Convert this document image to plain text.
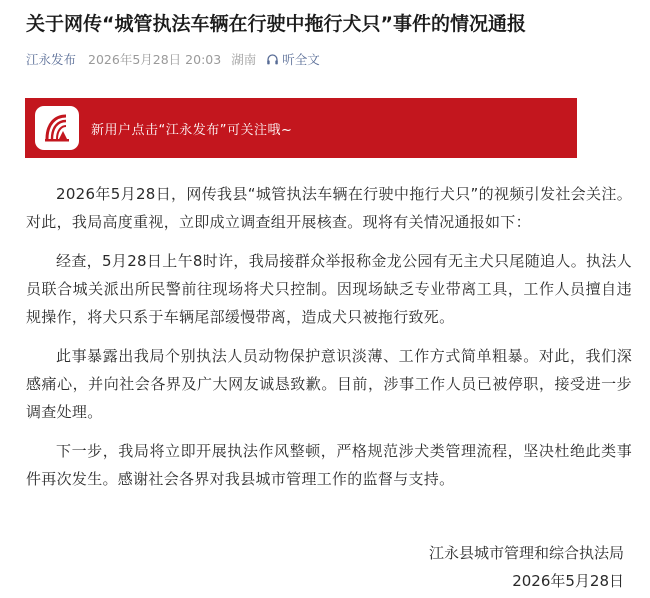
关于网传“城管执法车辆在行驶中拖行犬只”事件的情况通报
江永发布 2026年5月28日 20:03 湖南 听全文
新用户点击“江永发布”可关注哦~

2026年5月28日，网传我县“城管执法车辆在行驶中拖行犬只”的视频引发社会关注。对此，我局高度重视，立即成立调查组开展核查。现将有关情况通报如下：

经查，5月28日上午8时许，我局接群众举报称金龙公园有无主犬只尾随追人。执法人员联合城关派出所民警前往现场将犬只控制。因现场缺乏专业带离工具，工作人员擅自违规操作，将犬只系于车辆尾部缓慢带离，造成犬只被拖行致死。

此事暴露出我局个别执法人员动物保护意识淡薄、工作方式简单粗暴。对此，我们深感痛心，并向社会各界及广大网友诚恳致歉。目前，涉事工作人员已被停职，接受进一步调查处理。

下一步，我局将立即开展执法作风整顿，严格规范涉犬类管理流程，坚决杜绝此类事件再次发生。感谢社会各界对我县城市管理工作的监督与支持。

江永县城市管理和综合执法局
2026年5月28日
